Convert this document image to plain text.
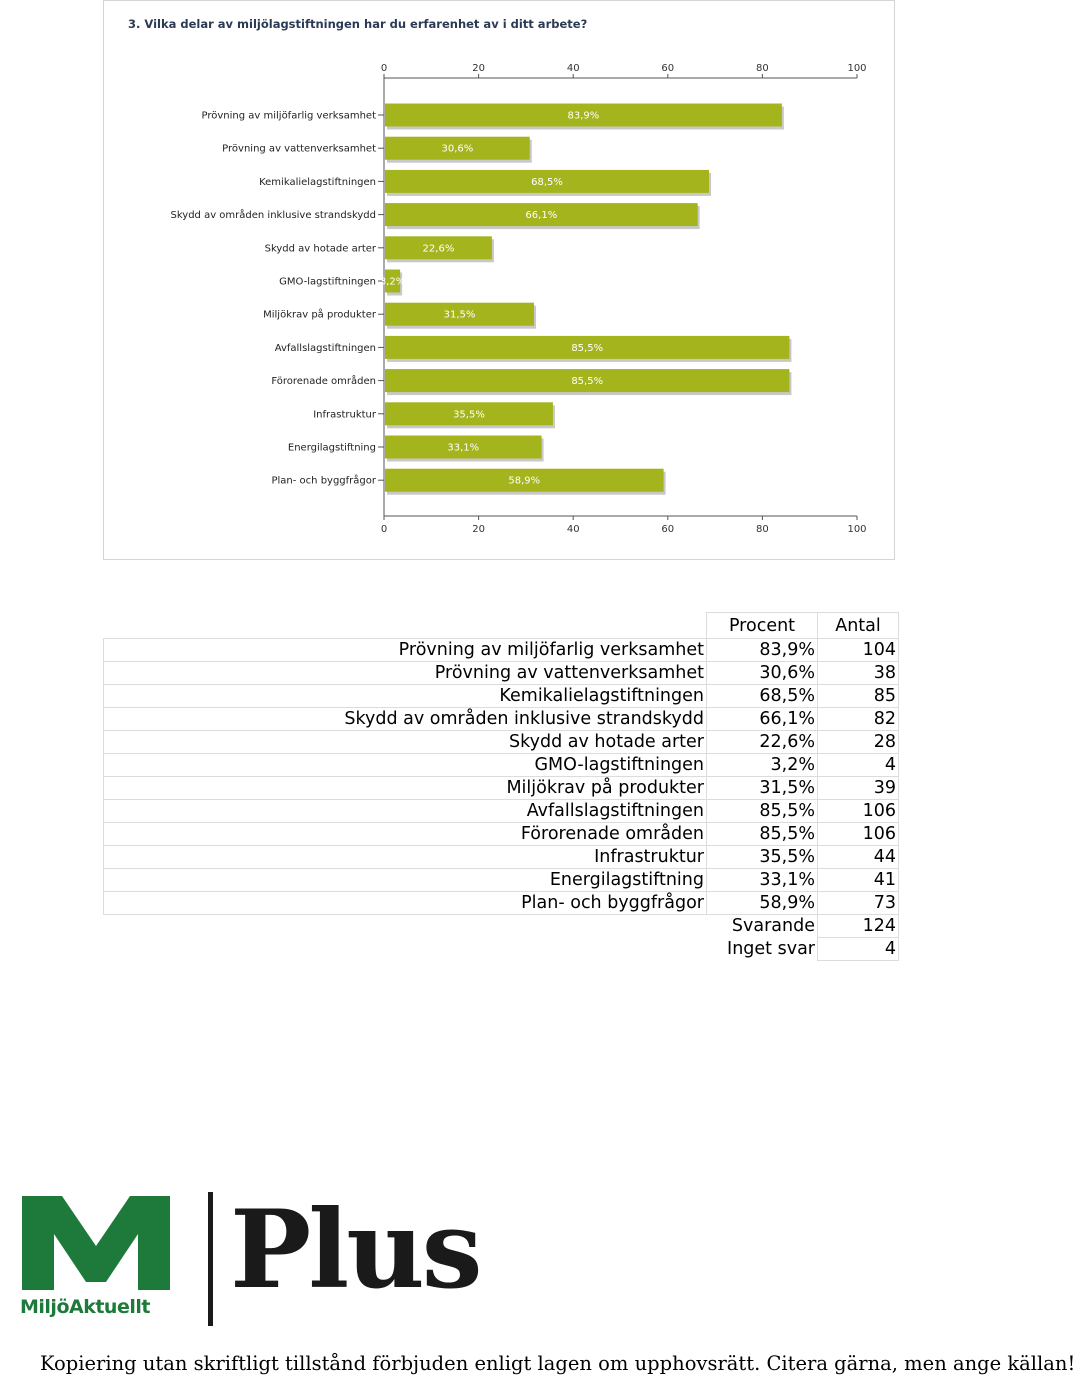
3. Vilka delar av miljölagstiftningen har du erfarenhet av i ditt arbete?
0
0
20
20
40
40
60
60
80
80
100
100
Prövning av miljöfarlig verksamhet	83,9%
Prövning av vattenverksamhet	30,6%
Kemikalielagstiftningen	68,5%
Skydd av områden inklusive strandskydd	66,1%
Skydd av hotade arter	22,6%
GMO-lagstiftningen 3,2%
Miljökrav på produkter	31,5%
Avfallslagstiftningen	85,5%
Förorenade områden	85,5%
Infrastruktur	35,5%
Energilagstiftning	33,1%
Plan- och byggfrågor	58,9%
	Procent	Antal
Prövning av miljöfarlig verksamhet	83,9%	104
Prövning av vattenverksamhet	30,6%	38
Kemikalielagstiftningen	68,5%	85
Skydd av områden inklusive strandskydd	66,1%	82
Skydd av hotade arter	22,6%	28
GMO-lagstiftningen	3,2%	4
Miljökrav på produkter	31,5%	39
Avfallslagstiftningen	85,5%	106
Förorenade områden	85,5%	106
Infrastruktur	35,5%	44
Energilagstiftning	33,1%	41
Plan- och byggfrågor	58,9%	73
	Svarande	124
	Inget svar	4
Plus
MiljöAktuellt
Kopiering utan skriftligt tillstånd förbjuden enligt lagen om upphovsrätt. Citera gärna, men ange källan!
